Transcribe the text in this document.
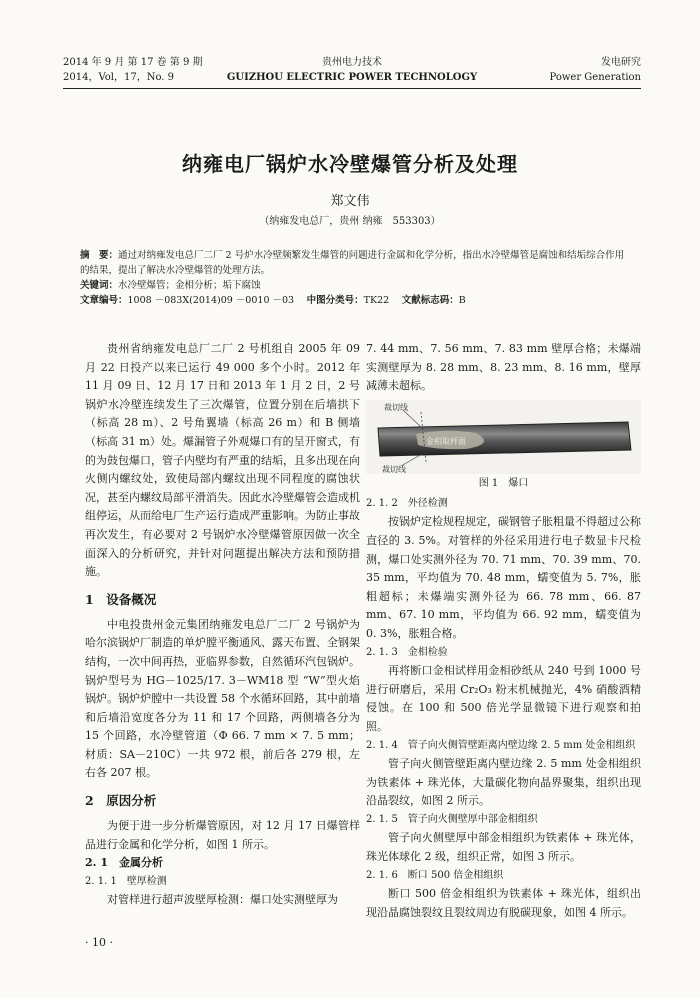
2014 年 9 月 第 17 卷 第 9 期	贵州电力技术	发电研究
2014，Vol，17，No. 9	GUIZHOU ELECTRIC POWER TECHNOLOGY	Power Generation
纳雍电厂锅炉水冷壁爆管分析及处理
郑文伟
（纳雍发电总厂，贵州 纳雍　553303）
摘　要：通过对纳雍发电总厂二厂 2 号炉水冷壁频繁发生爆管的问题进行金属和化学分析，指出水冷壁爆管是腐蚀和结垢综合作用的结果，提出了解决水冷壁爆管的处理方法。
关键词：水冷壁爆管；金相分析；垢下腐蚀
文章编号：1008 －083X(2014)09 －0010 －03　 中图分类号：TK22　 文献标志码：B

贵州省纳雍发电总厂二厂 2 号机组自 2005 年 09 月 22 日投产以来已运行 49 000 多个小时。2012 年 11 月 09 日、12 月 17 日和 2013 年 1 月 2 日，2 号锅炉水冷壁连续发生了三次爆管，位置分别在后墙拱下（标高 28 m）、2 号角翼墙（标高 26 m）和 B 侧墙（标高 31 m）处。爆漏管子外观爆口有的呈开窗式，有的为鼓包爆口，管子内壁均有严重的结垢，且多出现在向火侧内螺纹处，致使局部内螺纹出现不同程度的腐蚀状况，甚至内螺纹局部平滑消失。因此水冷壁爆管会造成机组停运，从而给电厂生产运行造成严重影响。为防止事故再次发生，有必要对 2 号锅炉水冷壁爆管原因做一次全面深入的分析研究，并针对问题提出解决方法和预防措施。

1　设备概况

中电投贵州金元集团纳雍发电总厂二厂 2 号锅炉为哈尔滨锅炉厂制造的单炉膛平衡通风、露天布置、全钢架结构，一次中间再热，亚临界参数，自然循环汽包锅炉。锅炉型号为 HG－1025/17. 3－WM18 型 “W”型火焰锅炉。锅炉炉膛中一共设置 58 个水循环回路，其中前墙和后墙沿宽度各分为 11 和 17 个回路，两侧墙各分为 15 个回路，水冷壁管道（Φ 66. 7 mm × 7. 5 mm；材质：SA－210C）一共 972 根，前后各 279 根，左右各 207 根。

2　原因分析

为便于进一步分析爆管原因，对 12 月 17 日爆管样品进行金属和化学分析，如图 1 所示。

2. 1　金属分析
2. 1. 1　壁厚检测

对管样进行超声波壁厚检测：爆口处实测壁厚为

7. 44 mm、7. 56 mm、7. 83 mm 壁厚合格；未爆端实测壁厚为 8. 28 mm、8. 23 mm、8. 16 mm，壁厚减薄未超标。

裁切线
金相取样面
裁切线
图 1　爆口
2. 1. 2　外径检测

按锅炉定检规程规定，碳钢管子胀粗量不得超过公称直径的 3. 5%。对管样的外径采用进行电子数显卡尺检测，爆口处实测外径为 70. 71 mm、70. 39 mm、70. 35 mm，平均值为 70. 48 mm，蠕变值为 5. 7%，胀粗超标；未爆端实测外径为 66. 78 mm、66. 87 mm、67. 10 mm，平均值为 66. 92 mm，蠕变值为 0. 3%，胀粗合格。

2. 1. 3　金相检验

再将断口金相试样用金相砂纸从 240 号到 1000 号进行研磨后，采用 Cr₂O₃ 粉末机械抛光，4% 硝酸酒精侵蚀。在 100 和 500 倍光学显微镜下进行观察和拍照。

2. 1. 4　管子向火侧管壁距离内壁边缘 2. 5 mm 处金相组织

管子向火侧管壁距离内壁边缘 2. 5 mm 处金相组织为铁素体 + 珠光体，大量碳化物向晶界聚集，组织出现沿晶裂纹，如图 2 所示。

2. 1. 5　管子向火侧壁厚中部金相组织

管子向火侧壁厚中部金相组织为铁素体 + 珠光体，珠光体球化 2 级，组织正常，如图 3 所示。

2. 1. 6　断口 500 倍金相组织

断口 500 倍金相组织为铁素体 + 珠光体，组织出现沿晶腐蚀裂纹且裂纹周边有脱碳现象，如图 4 所示。

· 10 ·
